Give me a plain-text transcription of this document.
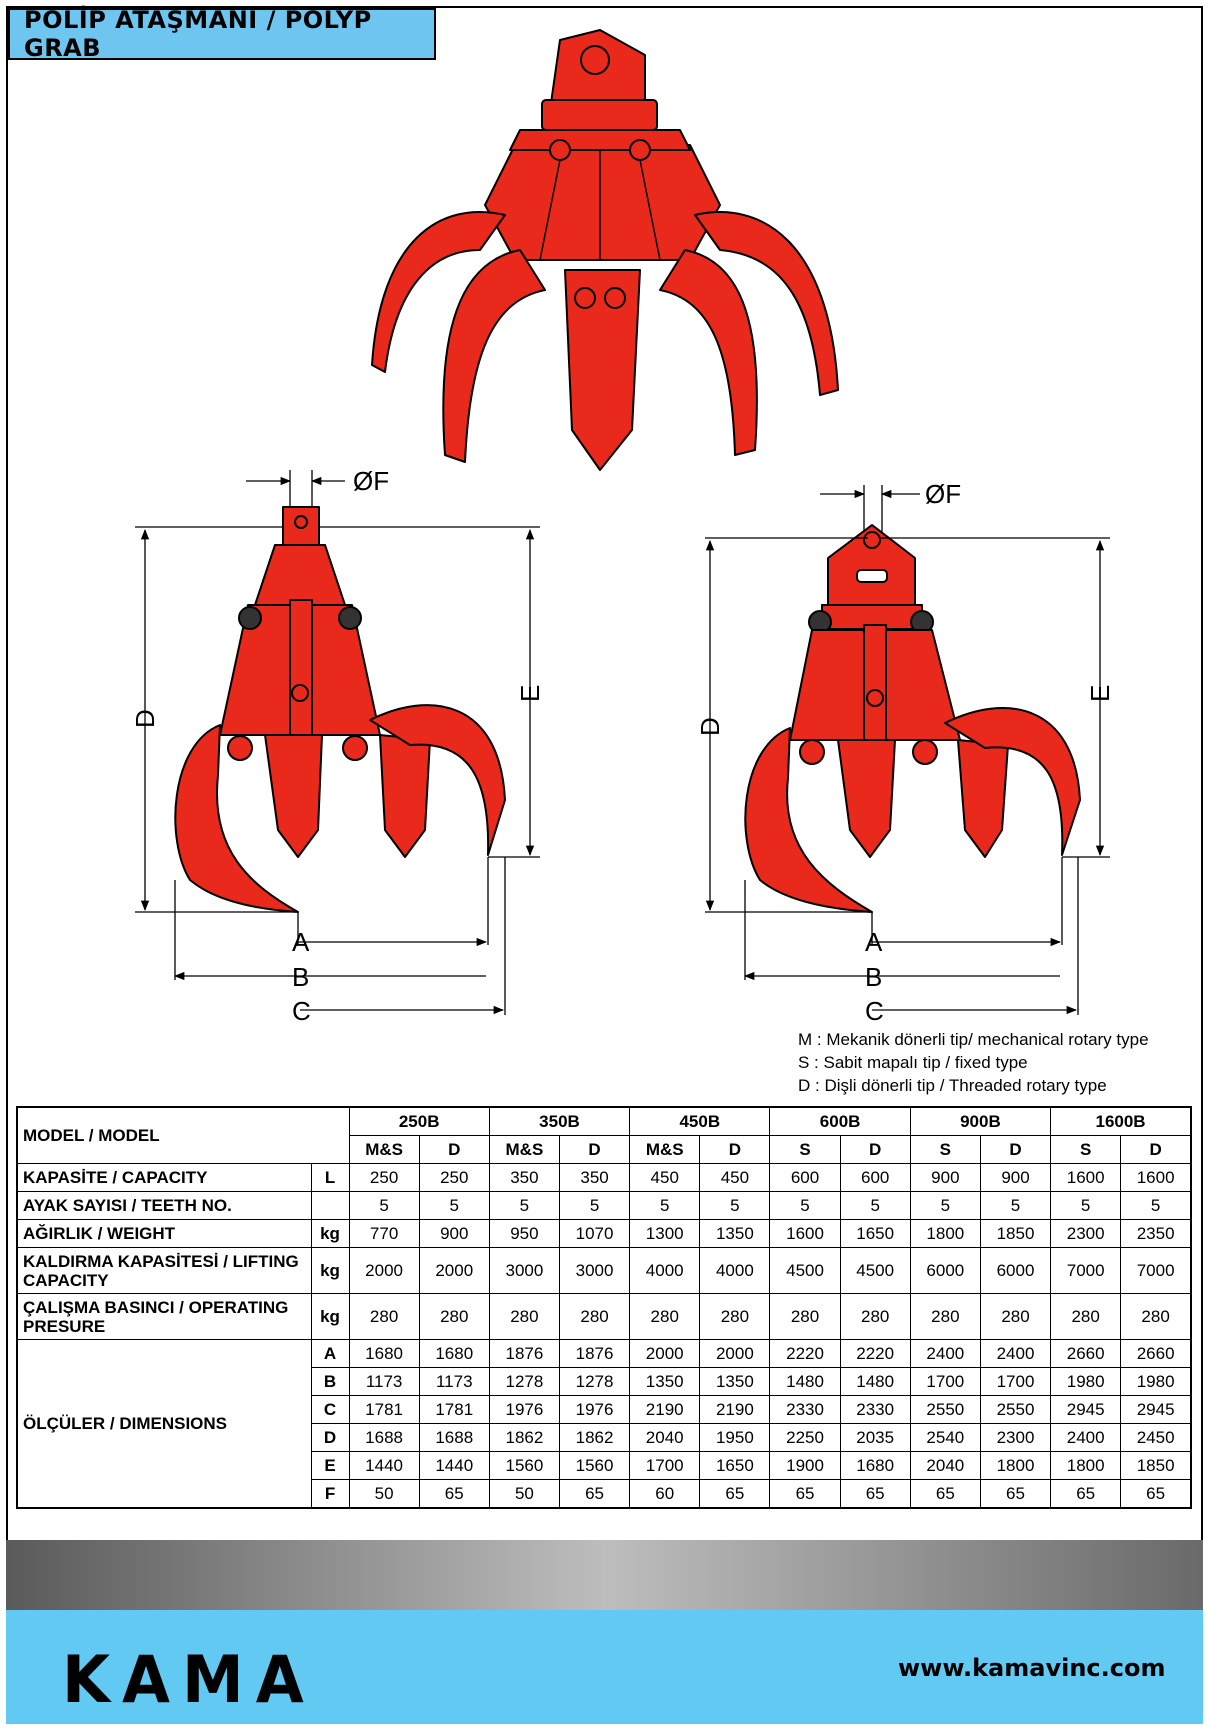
POLİP ATAŞMANI / POLYP GRAB
ØF
A
B
C
D
E
ØF
A
B
C
D
E
M : Mekanik dönerli tip/ mechanical rotary type
S : Sabit mapalı tip / fixed type
D : Dişli dönerli tip / Threaded rotary type
MODEL / MODEL		250B		350B		450B		600B		900B		1600B	
		M&S	D	M&S	D	M&S	D	S	D	S	D	S	D
KAPASİTE / CAPACITY	L	250	250	350	350	450	450	600	600	900	900	1600	1600
AYAK SAYISI / TEETH NO.		5	5	5	5	5	5	5	5	5	5	5	5
AĞIRLIK / WEIGHT	kg	770	900	950	1070	1300	1350	1600	1650	1800	1850	2300	2350
KALDIRMA KAPASİTESİ / LIFTING CAPACITY	kg	2000	2000	3000	3000	4000	4000	4500	4500	6000	6000	7000	7000
ÇALIŞMA BASINCI / OPERATING PRESURE	kg	280	280	280	280	280	280	280	280	280	280	280	280
ÖLÇÜLER / DIMENSIONS	A	1680	1680	1876	1876	2000	2000	2220	2220	2400	2400	2660	2660
	B	1173	1173	1278	1278	1350	1350	1480	1480	1700	1700	1980	1980
	C	1781	1781	1976	1976	2190	2190	2330	2330	2550	2550	2945	2945
	D	1688	1688	1862	1862	2040	1950	2250	2035	2540	2300	2400	2450
	E	1440	1440	1560	1560	1700	1650	1900	1680	2040	1800	1800	1850
	F	50	65	50	65	60	65	65	65	65	65	65	65
KAMA	www.kamavinc.com
